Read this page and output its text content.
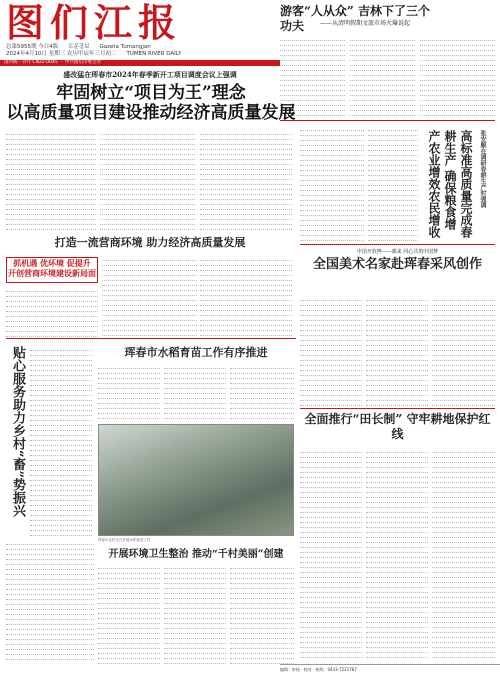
图们江报
总第5955期 今日4版 도문강보 Gazeta Tumangjan
2024年4月10日 星期三 农历甲辰年三月初二 TUMEN RIVER DAILY
国内统一刊号 CN22-0045  ·  中共图们市委主办
游客“人从众” 吉林下了三个功夫	——从清明假期文旅市场火爆说起
盛改猛在珲春市2024年春季新开工项目调度会议上强调
牢固树立“项目为王”理念
以高质量项目建设推动经济高质量发展
打造一流营商环境 助力经济高质量发展
抓机遇 优环境 促提升
开创营商环境建设新局面
贴心服务助力乡村“畜”势振兴	珲春市水稻育苗工作有序推进
珲春市农民正在开展水稻育苗工作
开展环境卫生整治 推动“千村美丽”创建
高标准高质量完成春耕生产 确保粮食增产农业增效农民增收	张安顺在调研春耕生产时强调
中国开放博——都来 同心共筑中国梦
全国美术名家赴珲春采风创作
全面推行“田长制” 守牢耕地保护红线
编辑 · 审校 · 校对 · 热线：0433-7221787
